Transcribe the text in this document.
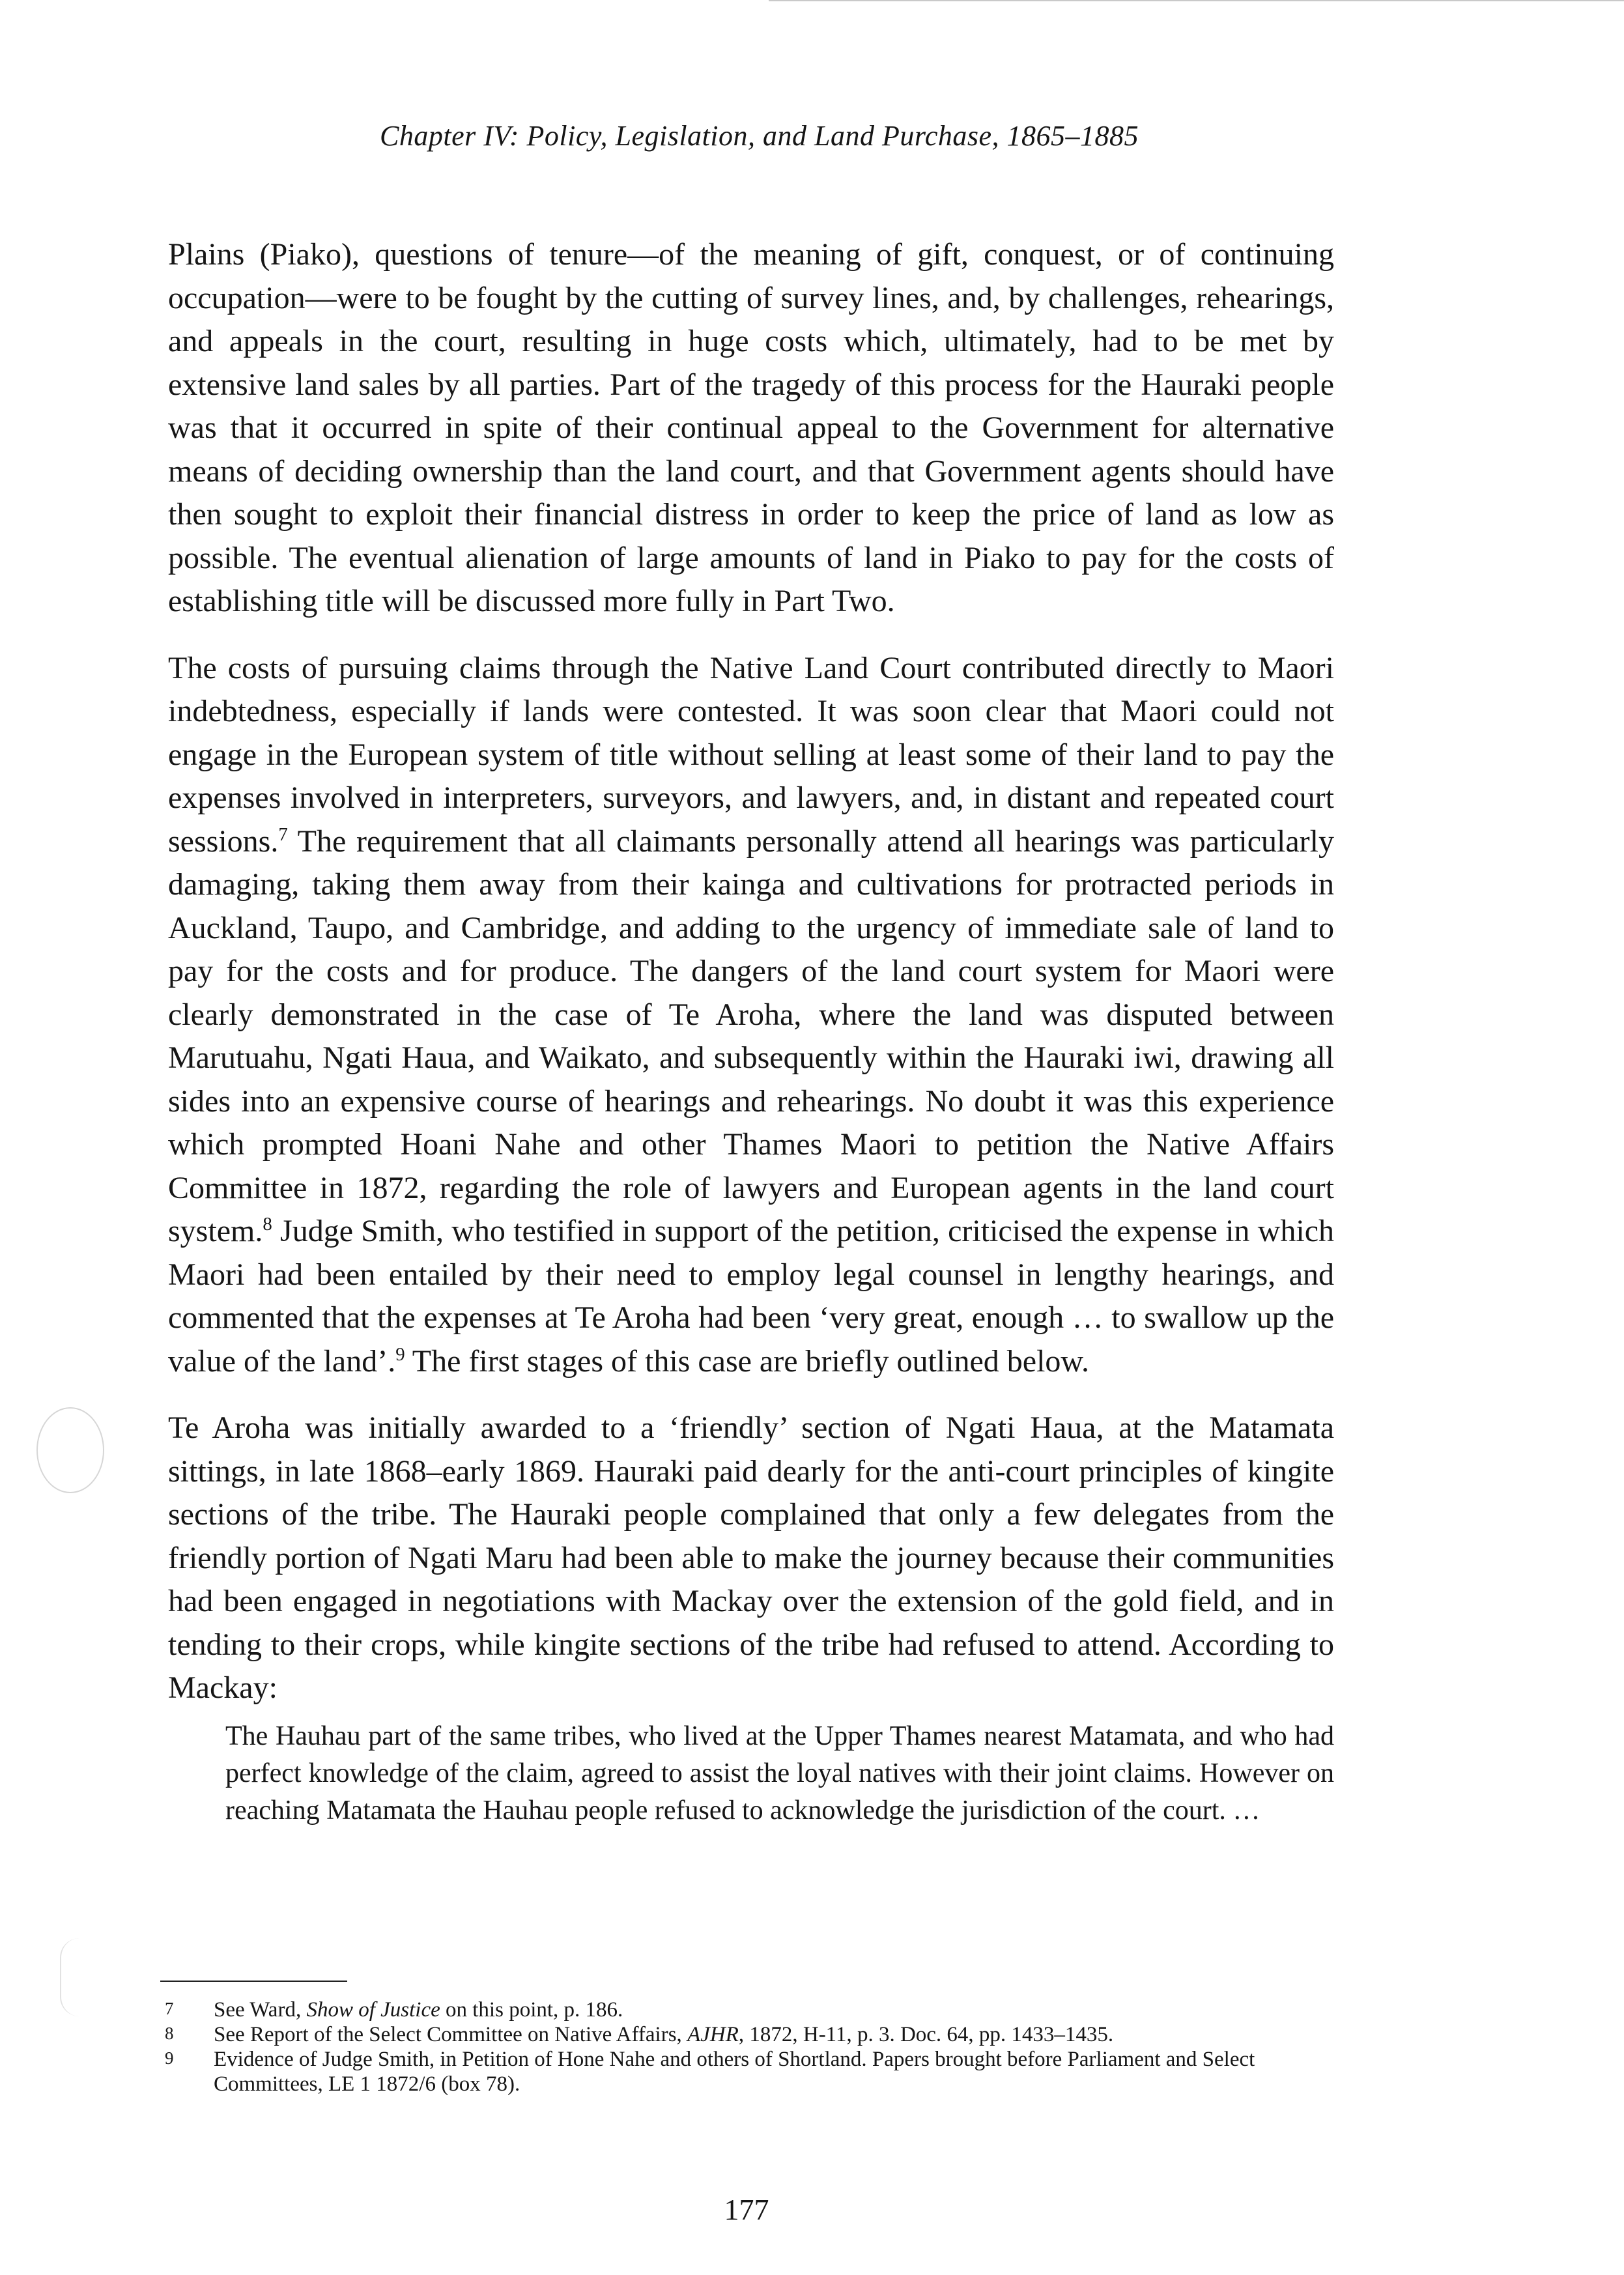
Chapter IV: Policy, Legislation, and Land Purchase, 1865–1885

Plains (Piako), questions of tenure—of the meaning of gift, conquest, or of continuing occupation—were to be fought by the cutting of survey lines, and, by challenges, rehearings, and appeals in the court, resulting in huge costs which, ultimately, had to be met by extensive land sales by all parties. Part of the tragedy of this process for the Hauraki people was that it occurred in spite of their continual appeal to the Government for alternative means of deciding ownership than the land court, and that Government agents should have then sought to exploit their financial distress in order to keep the price of land as low as possible. The eventual alienation of large amounts of land in Piako to pay for the costs of establishing title will be discussed more fully in Part Two.

The costs of pursuing claims through the Native Land Court contributed directly to Maori indebtedness, especially if lands were contested. It was soon clear that Maori could not engage in the European system of title without selling at least some of their land to pay the expenses involved in interpreters, surveyors, and lawyers, and, in distant and repeated court sessions.$^7$ The requirement that all claimants personally attend all hearings was particularly damaging, taking them away from their kainga and cultivations for protracted periods in Auckland, Taupo, and Cambridge, and adding to the urgency of immediate sale of land to pay for the costs and for produce. The dangers of the land court system for Maori were clearly demonstrated in the case of Te Aroha, where the land was disputed between Marutuahu, Ngati Haua, and Waikato, and subsequently within the Hauraki iwi, drawing all sides into an expensive course of hearings and rehearings. No doubt it was this experience which prompted Hoani Nahe and other Thames Maori to petition the Native Affairs Committee in 1872, regarding the role of lawyers and European agents in the land court system.$^8$ Judge Smith, who testified in support of the petition, criticised the expense in which Maori had been entailed by their need to employ legal counsel in lengthy hearings, and commented that the expenses at Te Aroha had been ‘very great, enough … to swallow up the value of the land’.$^9$ The first stages of this case are briefly outlined below.

Te Aroha was initially awarded to a ‘friendly’ section of Ngati Haua, at the Matamata sittings, in late 1868–early 1869. Hauraki paid dearly for the anti-court principles of kingite sections of the tribe. The Hauraki people complained that only a few delegates from the friendly portion of Ngati Maru had been able to make the journey because their communities had been engaged in negotiations with Mackay over the extension of the gold field, and in tending to their crops, while kingite sections of the tribe had refused to attend. According to Mackay:

The Hauhau part of the same tribes, who lived at the Upper Thames nearest Matamata, and who had perfect knowledge of the claim, agreed to assist the loyal natives with their joint claims. However on reaching Matamata the Hauhau people refused to acknowledge the jurisdiction of the court. …

7	See Ward, Show of Justice on this point, p. 186.
8	See Report of the Select Committee on Native Affairs, AJHR, 1872, H-11, p. 3. Doc. 64, pp. 1433–1435.
9	Evidence of Judge Smith, in Petition of Hone Nahe and others of Shortland. Papers brought before Parliament and Select Committees, LE 1 1872/6 (box 78).
177
